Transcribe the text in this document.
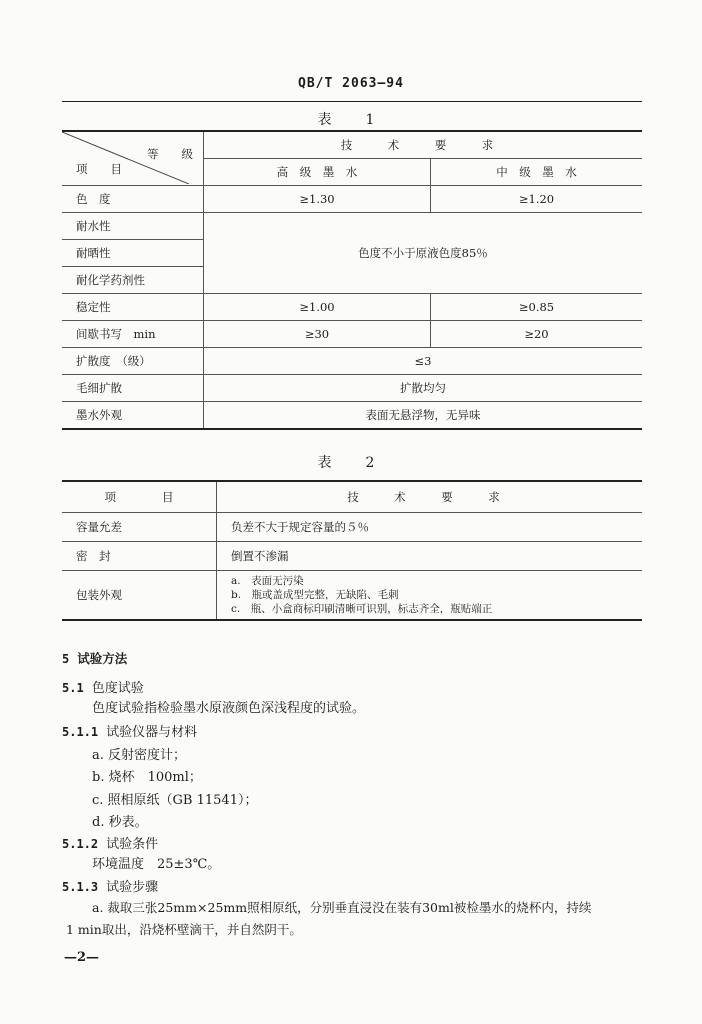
QB/T 2063—94
表　1
等　　级
项　　目	技　术　要　求	
	高　级　墨　水	中　级　墨　水
色　度	≥1.30	≥1.20
耐水性	色度不小于原液色度85％	
耐晒性		
耐化学药剂性		
稳定性	≥1.00	≥0.85
间歇书写　min	≥30	≥20
扩散度　（级）	≤3	
毛细扩散	扩散均匀	
墨水外观	表面无悬浮物，无异味	
表　2
项　　　　目	技　术　要　求
容量允差	负差不大于规定容量的５％
密　封	倒置不渗漏
包装外观	a.　表面无污染
b.　瓶或盖成型完整，无缺陷、毛刺
c.　瓶、小盒商标印刷清晰可识别，标志齐全，瓶贴端正
5 试验方法
5.1 色度试验
色度试验指检验墨水原液颜色深浅程度的试验。
5.1.1 试验仪器与材料
a. 反射密度计；
b. 烧杯　100ml；
c. 照相原纸（GB 11541）；
d. 秒表。
5.1.2 试验条件
环境温度　25±3℃。
5.1.3 试验步骤
a. 裁取三张25mm×25mm照相原纸，分别垂直浸没在装有30ml被检墨水的烧杯内，持续
1 min取出，沿烧杯壁滴干，并自然阴干。
—2—
